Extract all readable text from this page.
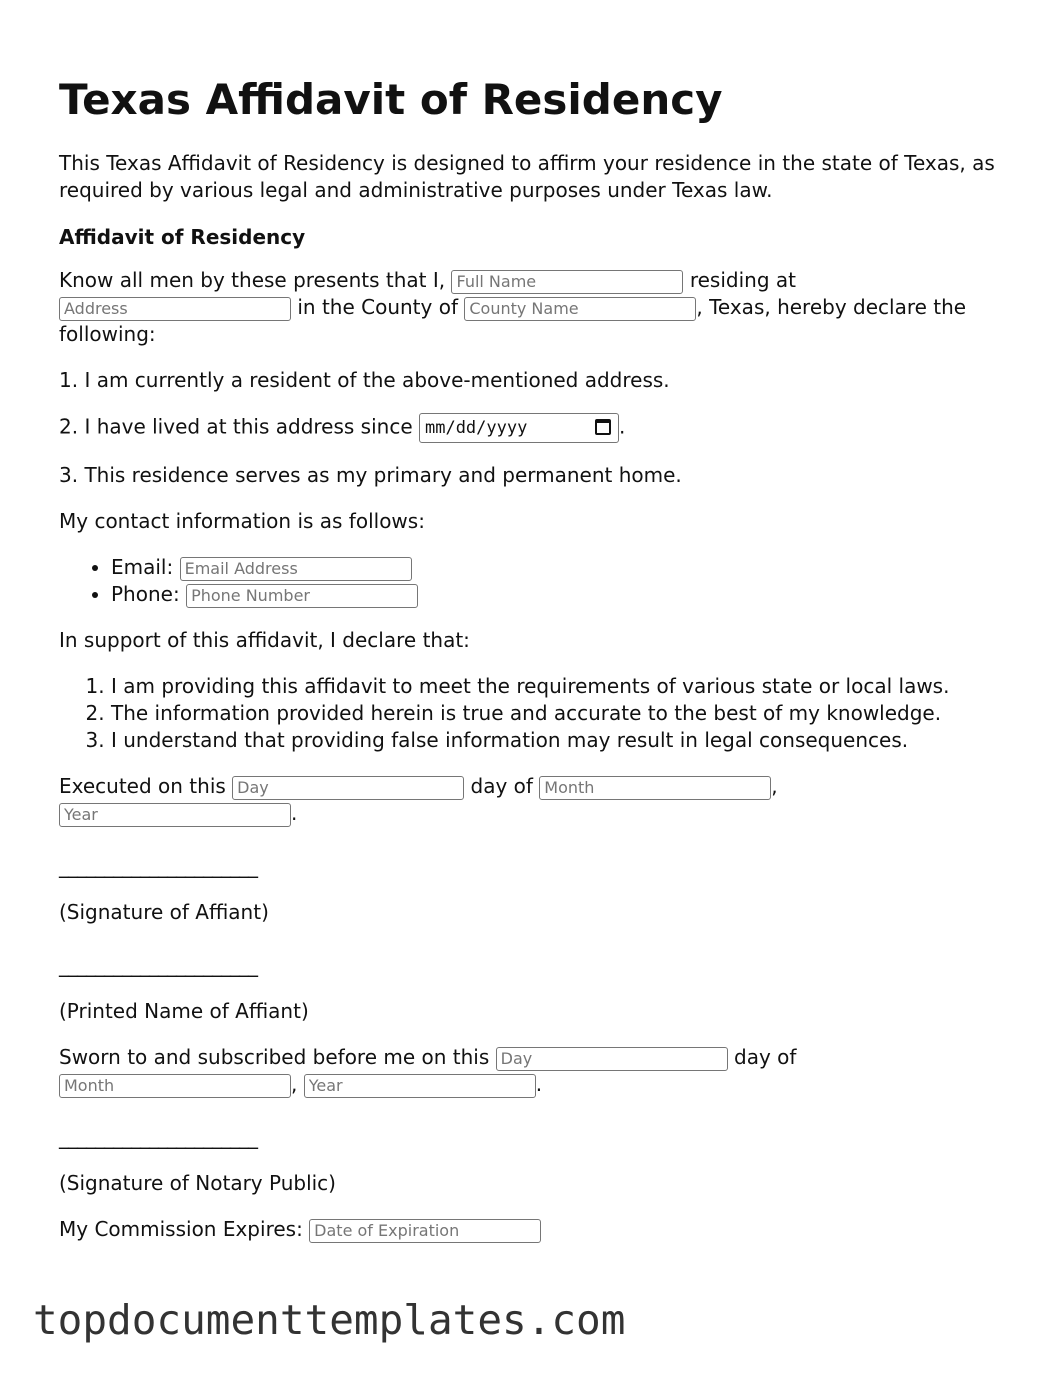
Texas Affidavit of Residency

This Texas Affidavit of Residency is designed to affirm your residence in the state of Texas, as required by various legal and administrative purposes under Texas law.

Affidavit of Residency

Know all men by these presents that I, Full Name	residing at Address in the County of County Name	, Texas, hereby declare the following:

1. I am currently a resident of the above-mentioned address.

2. I have lived at this address since mm/dd/yyyy	.

3. This residence serves as my primary and permanent home.

My contact information is as follows:

• Email: Email Address
• Phone: Phone Number

In support of this affidavit, I declare that:

1. I am providing this affidavit to meet the requirements of various state or local laws.
2. The information provided herein is true and accurate to the best of my knowledge.
3. I understand that providing false information may result in legal consequences.

Executed on this Day	day of Month	, Year.

______________________

(Signature of Affiant)

______________________

(Printed Name of Affiant)

Sworn to and subscribed before me on this Day	day of Month, Year	.

______________________

(Signature of Notary Public)

My Commission Expires: Date of Expiration

topdocumenttemplates.com
